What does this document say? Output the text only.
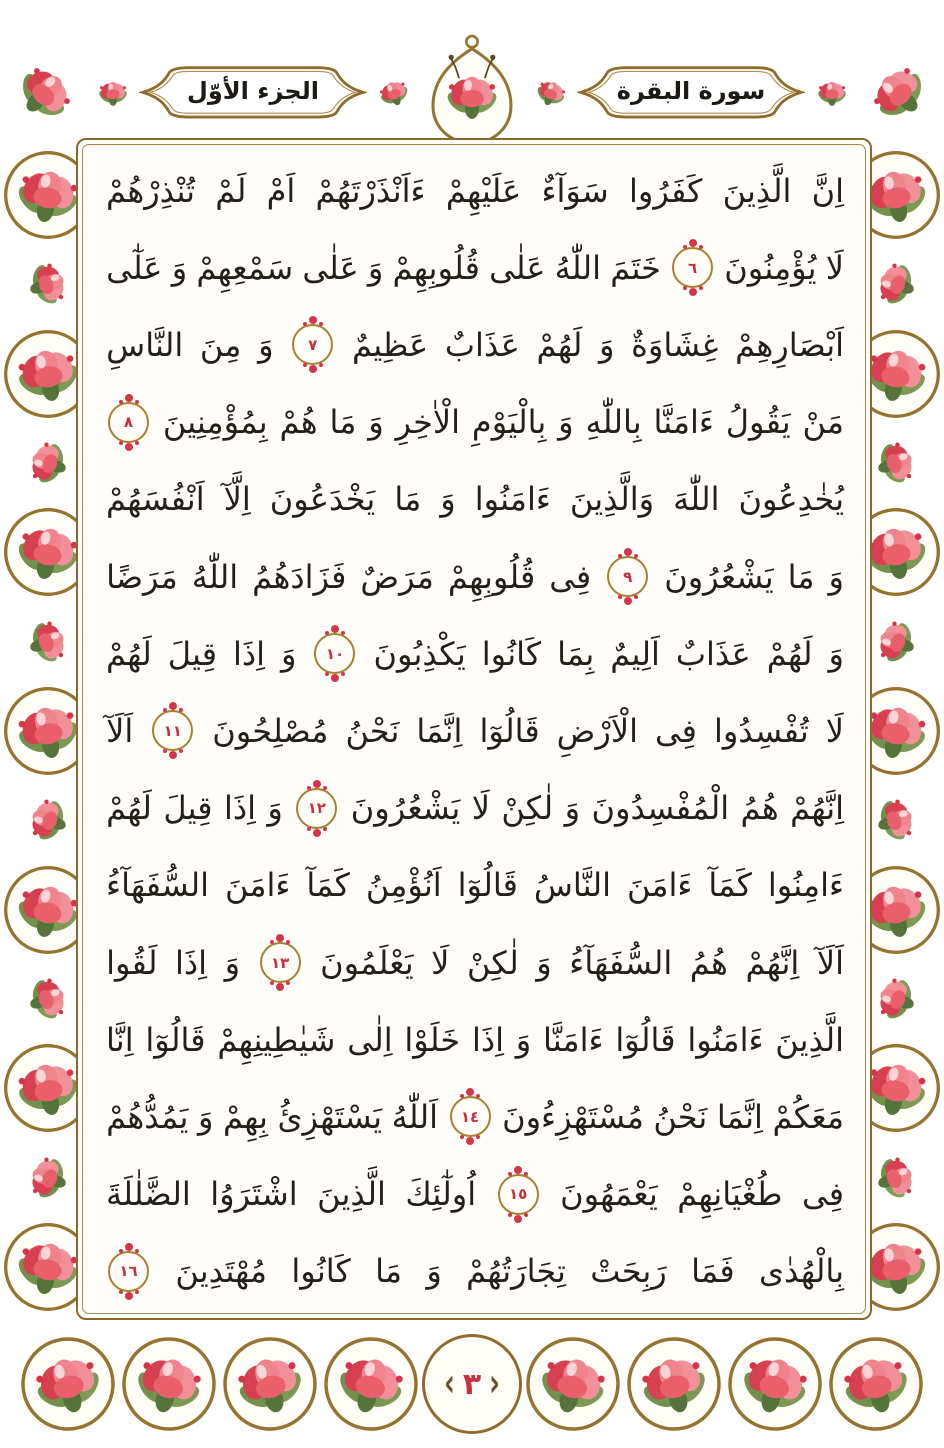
الجزء الأوّل	سورة البقرة
‹ ٣ ›
اِنَّ
الَّذِينَ
كَفَرُوا
سَوَآءٌ
عَلَيْهِمْ
ءَاَنْذَرْتَهُمْ
اَمْ
لَمْ
تُنْذِرْهُمْ
لَا
يُؤْمِنُونَ
٦
خَتَمَ
اللّٰهُ
عَلٰى
قُلُوبِهِمْ
وَ
عَلٰى
سَمْعِهِمْ
وَ
عَلٰٓى
اَبْصَارِهِمْ
غِشَاوَةٌ
وَ
لَهُمْ
عَذَابٌ
عَظِيمٌ
٧
وَ
مِنَ
النَّاسِ
مَنْ
يَقُولُ
ءَامَنَّا
بِاللّٰهِ
وَ
بِالْيَوْمِ
الْاٰخِرِ
وَ
مَا
هُمْ
بِمُؤْمِنِينَ
٨
يُخٰدِعُونَ
اللّٰهَ
وَالَّذِينَ
ءَامَنُوا
وَ
مَا
يَخْدَعُونَ
اِلَّآ
اَنْفُسَهُمْ
وَ
مَا
يَشْعُرُونَ
٩
فِى
قُلُوبِهِمْ
مَرَضٌ
فَزَادَهُمُ
اللّٰهُ
مَرَضًا
وَ
لَهُمْ
عَذَابٌ
اَلِيمٌ
بِمَا
كَانُوا
يَكْذِبُونَ
١٠
وَ
اِذَا
قِيلَ
لَهُمْ
لَا
تُفْسِدُوا
فِى
الْاَرْضِ
قَالُوٓا
اِنَّمَا
نَحْنُ
مُصْلِحُونَ
١١
اَلَآ
اِنَّهُمْ
هُمُ
الْمُفْسِدُونَ
وَ
لٰكِنْ
لَا
يَشْعُرُونَ
١٢
وَ
اِذَا
قِيلَ
لَهُمْ
ءَامِنُوا
كَمَآ
ءَامَنَ
النَّاسُ
قَالُوٓا
اَنُؤْمِنُ
كَمَآ
ءَامَنَ
السُّفَهَآءُ
اَلَآ
اِنَّهُمْ
هُمُ
السُّفَهَآءُ
وَ
لٰكِنْ
لَا
يَعْلَمُونَ
١٣
وَ
اِذَا
لَقُوا
الَّذِينَ
ءَامَنُوا
قَالُوٓا
ءَامَنَّا
وَ
اِذَا
خَلَوْا
اِلٰى
شَيٰطِينِهِمْ
قَالُوٓا
اِنَّا
مَعَكُمْ
اِنَّمَا
نَحْنُ
مُسْتَهْزِءُونَ
١٤
اَللّٰهُ
يَسْتَهْزِئُ
بِهِمْ
وَ
يَمُدُّهُمْ
فِى
طُغْيَانِهِمْ
يَعْمَهُونَ
١٥
اُولٰٓئِكَ
الَّذِينَ
اشْتَرَوُا
الضَّلٰلَةَ
بِالْهُدٰى
فَمَا
رَبِحَتْ
تِجَارَتُهُمْ
وَ
مَا
كَانُوا
مُهْتَدِينَ
١٦
